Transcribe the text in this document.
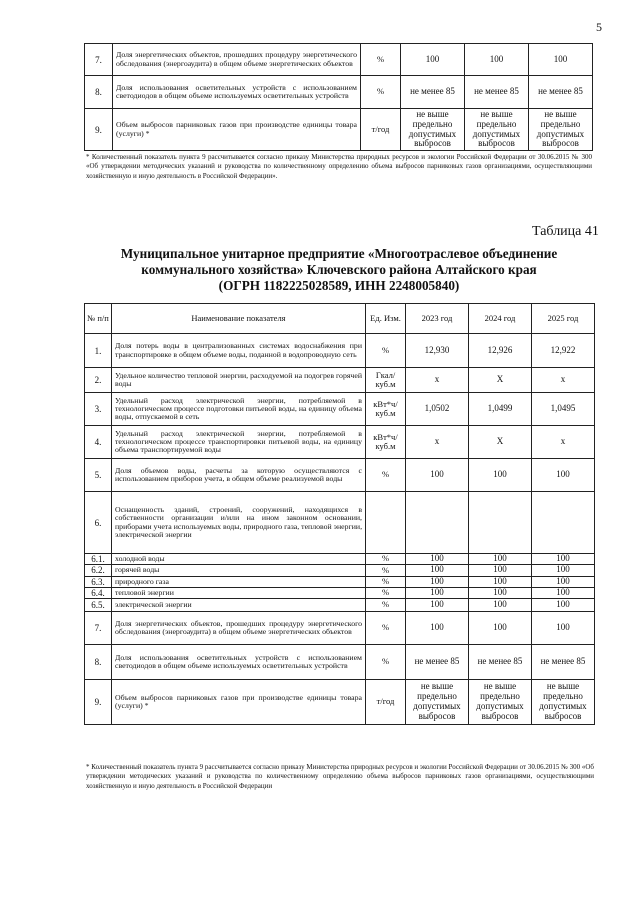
5
7.	Доля энергетических объектов, прошедших процедуру энергетического обследования (энергоаудита) в общем объеме энергетических объектов	%	100	100	100
8.	Доля использования осветительных устройств с использованием светодиодов в общем объеме используемых осветительных устройств	%	не менее 85	не менее 85	не менее 85
9.	Объем выбросов парниковых газов при производстве единицы товара (услуги) *	т/год	не выше предельно допустимых выбросов	не выше предельно допустимых выбросов	не выше предельно допустимых выбросов
* Количественный показатель пункта 9 рассчитывается согласно приказу Министерства природных ресурсов и экологии Российской Федерации от 30.06.2015 № 300 «Об утверждении методических указаний и руководства по количественному определению объема выбросов парниковых газов организациями, осуществляющими хозяйственную и иную деятельность в Российской Федерации».
Таблица 41
Муниципальное унитарное предприятие «Многоотраслевое объединение
коммунального хозяйства» Ключевского района Алтайского края
(ОГРН 1182225028589, ИНН 2248005840)
№ п/п	Наименование показателя	Ед. Изм.	2023 год	2024 год	2025 год
1.	Доля потерь воды в централизованных системах водоснабжения при транспортировке в общем объеме воды, поданной в водопроводную сеть	%	12,930	12,926	12,922
2.	Удельное количество тепловой энергии, расходуемой на подогрев горячей воды	Гкал/ куб.м	х	Х	х
3.	Удельный расход электрической энергии, потребляемой в технологическом процессе подготовки питьевой воды, на единицу объема воды, отпускаемой в сеть	кВт*ч/ куб.м	1,0502	1,0499	1,0495
4.	Удельный расход электрической энергии, потребляемой в технологическом процессе транспортировки питьевой воды, на единицу объема транспортируемой воды	кВт*ч/ куб.м	х	Х	х
5.	Доля объемов воды, расчеты за которую осуществляются с использованием приборов учета, в общем объеме реализуемой воды	%	100	100	100
6.	Оснащенность зданий, строений, сооружений, находящихся в собственности организации и/или на ином законном основании, приборами учета используемых воды, природного газа, тепловой энергии, электрической энергии				
6.1.	холодной воды	%	100	100	100
6.2.	горячей воды	%	100	100	100
6.3.	природного газа	%	100	100	100
6.4.	тепловой энергии	%	100	100	100
6.5.	электрической энергии	%	100	100	100
7.	Доля энергетических объектов, прошедших процедуру энергетического обследования (энергоаудита) в общем объеме энергетических объектов	%	100	100	100
8.	Доля использования осветительных устройств с использованием светодиодов в общем объеме используемых осветительных устройств	%	не менее 85	не менее 85	не менее 85
9.	Объем выбросов парниковых газов при производстве единицы товара (услуги) *	т/год	не выше предельно допустимых выбросов	не выше предельно допустимых выбросов	не выше предельно допустимых выбросов
* Количественный показатель пункта 9 рассчитывается согласно приказу Министерства природных ресурсов и экологии Российской Федерации от 30.06.2015 № 300 «Об утверждении методических указаний и руководства по количественному определению объема выбросов парниковых газов организациями, осуществляющими хозяйственную и иную деятельность в Российской Федерации
